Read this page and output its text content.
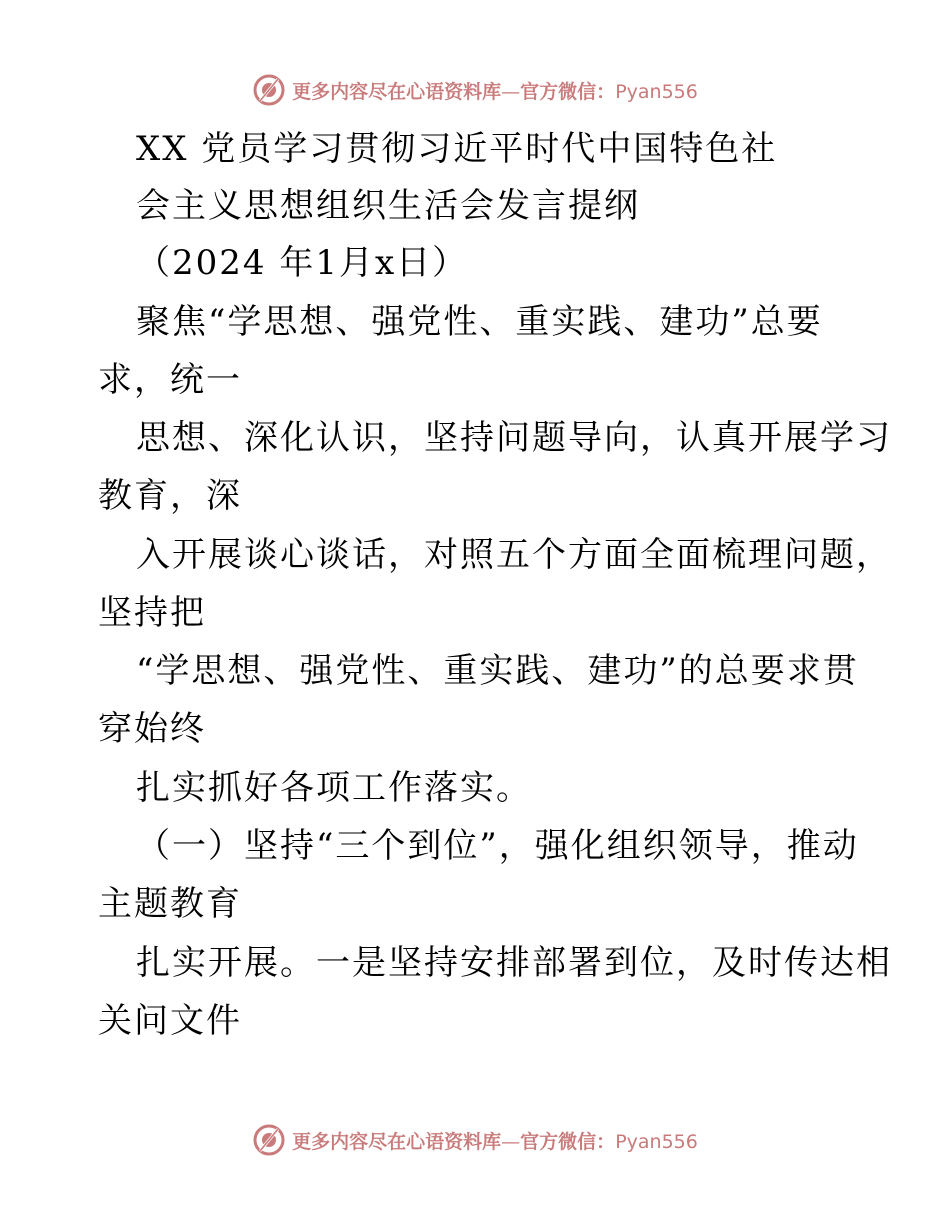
更多内容尽在心语资料库—官方微信：Pyan556
XX 党员学习贯彻习近平时代中国特色社
会主义思想组织生活会发言提纲
（2024 年1月x日）
聚焦“学思想、强党性、重实践、建功”总要
求，统一
思想、深化认识，坚持问题导向，认真开展学习
教育，深
入开展谈心谈话，对照五个方面全面梳理问题，
坚持把
“学思想、强党性、重实践、建功”的总要求贯
穿始终
扎实抓好各项工作落实。
（一）坚持“三个到位”，强化组织领导，推动
主题教育
扎实开展。一是坚持安排部署到位，及时传达相
关问文件
更多内容尽在心语资料库—官方微信：Pyan556
